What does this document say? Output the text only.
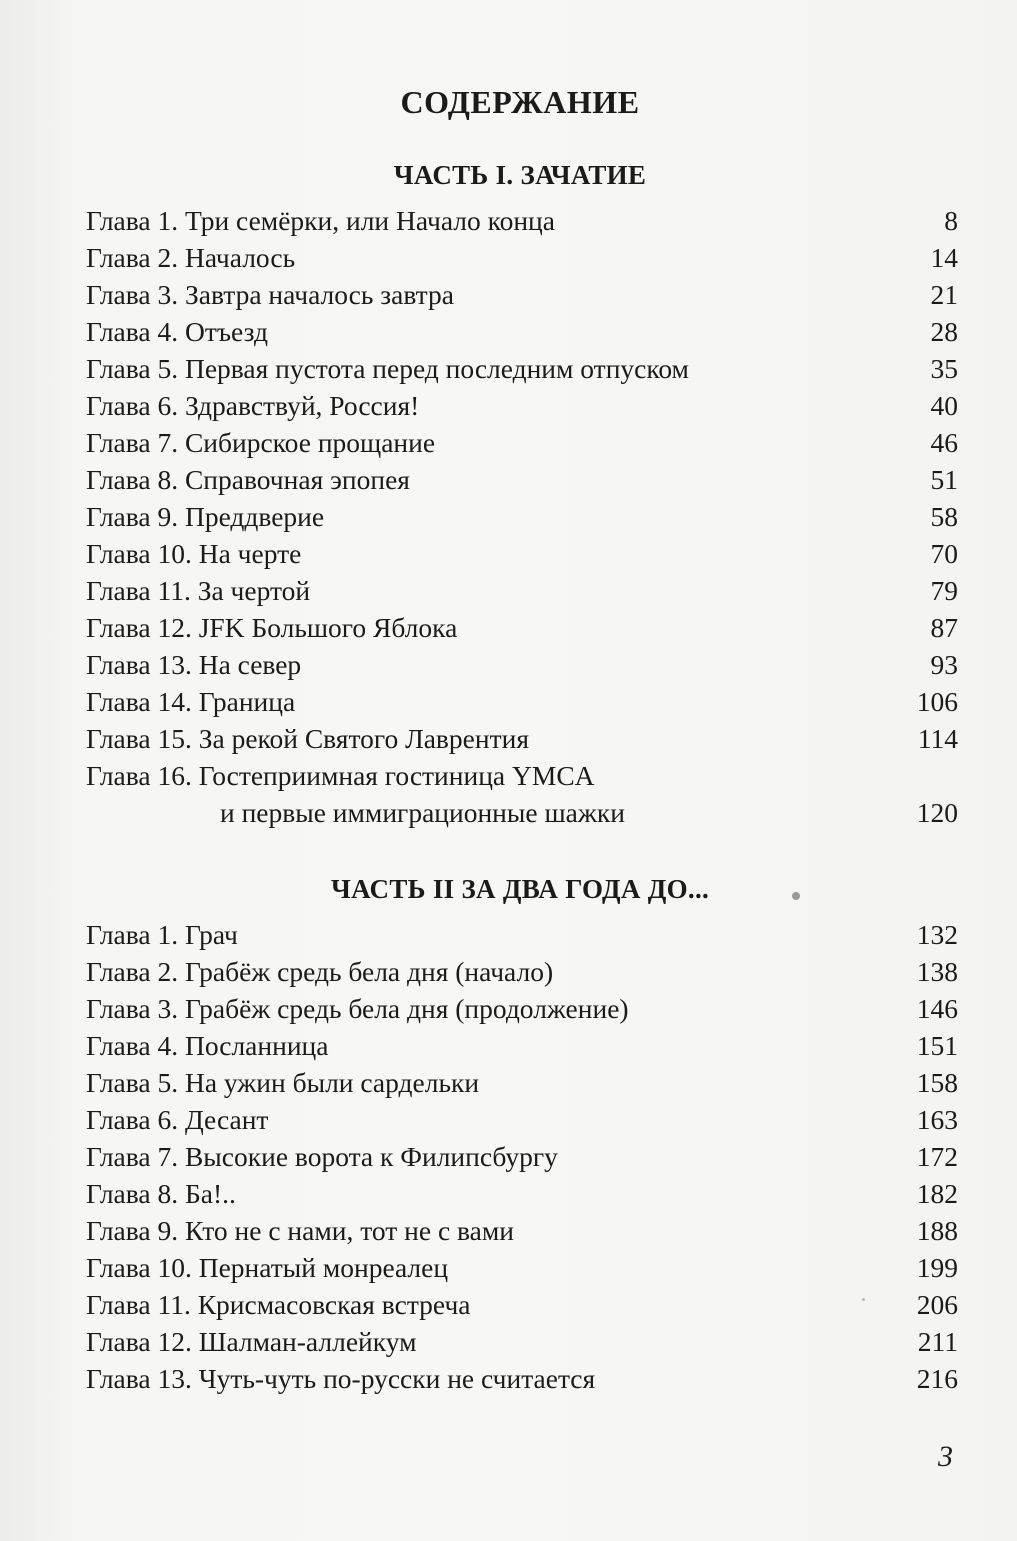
СОДЕРЖАНИЕ
ЧАСТЬ I. ЗАЧАТИЕ
Глава 1. Три семёрки, или Начало конца	8
Глава 2. Началось	14
Глава 3. Завтра началось завтра	21
Глава 4. Отъезд	28
Глава 5. Первая пустота перед последним отпуском	35
Глава 6. Здравствуй, Россия!	40
Глава 7. Сибирское прощание	46
Глава 8. Справочная эпопея	51
Глава 9. Преддверие	58
Глава 10. На черте	70
Глава 11. За чертой	79
Глава 12. JFK Большого Яблока	87
Глава 13. На север	93
Глава 14. Граница	106
Глава 15. За рекой Святого Лаврентия	114
Глава 16. Гостеприимная гостиница YMCA
и первые иммиграционные шажки	120
ЧАСТЬ II ЗА ДВА ГОДА ДО...
Глава 1. Грач	132
Глава 2. Грабёж средь бела дня (начало)	138
Глава 3. Грабёж средь бела дня (продолжение)	146
Глава 4. Посланница	151
Глава 5. На ужин были сардельки	158
Глава 6. Десант	163
Глава 7. Высокие ворота к Филипсбургу	172
Глава 8. Ба!..	182
Глава 9. Кто не с нами, тот не с вами	188
Глава 10. Пернатый монреалец	199
Глава 11. Крисмасовская встреча	206
Глава 12. Шалман-аллейкум	211
Глава 13. Чуть-чуть по-русски не считается	216
3
